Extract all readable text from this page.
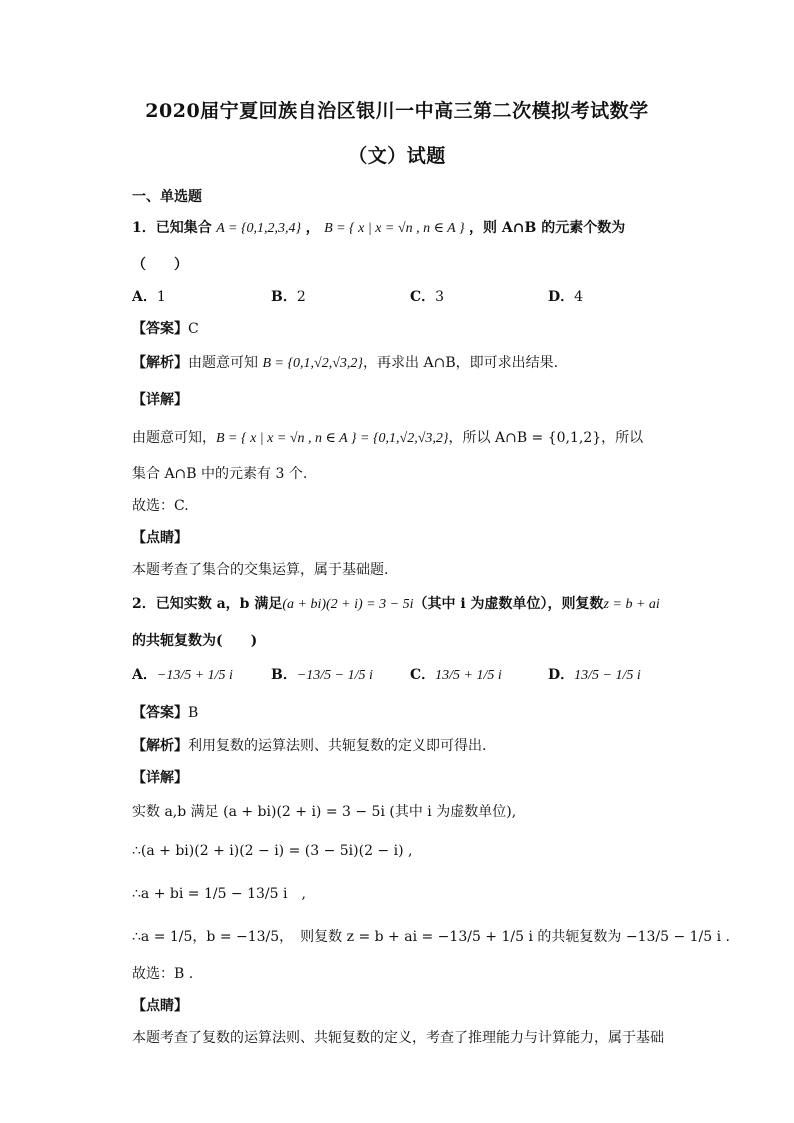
2020届宁夏回族自治区银川一中高三第二次模拟考试数学
（文）试题
一、单选题
1．已知集合 A = {0,1,2,3,4} ， B = { x | x = √n , n ∈ A } ，则 A∩B 的元素个数为
（　　）
A．1	B．2	C．3	D．4
【答案】C
【解析】由题意可知 B = {0,1,√2,√3,2}，再求出 A∩B，即可求出结果.
【详解】
由题意可知，B = { x | x = √n , n ∈ A } = {0,1,√2,√3,2}，所以 A∩B = {0,1,2}，所以
集合 A∩B 中的元素有 3 个.
故选：C.
【点睛】
本题考查了集合的交集运算，属于基础题.
2．已知实数 a，b 满足(a + bi)(2 + i) = 3 − 5i（其中 i 为虚数单位），则复数z = b + ai
的共轭复数为(　　)
A．−13/5 + 1/5 i	B．−13/5 − 1/5 i	C．13/5 + 1/5 i	D．13/5 − 1/5 i
【答案】B
【解析】利用复数的运算法则、共轭复数的定义即可得出.
【详解】
实数 a,b 满足 (a + bi)(2 + i) = 3 − 5i (其中 i 为虚数单位),
∴(a + bi)(2 + i)(2 − i) = (3 − 5i)(2 − i) ,
∴a + bi = 1/5 − 13/5 i　,
∴a = 1/5，b = −13/5，　则复数 z = b + ai = −13/5 + 1/5 i 的共轭复数为 −13/5 − 1/5 i .
故选：B .
【点睛】
本题考查了复数的运算法则、共轭复数的定义，考查了推理能力与计算能力，属于基础
